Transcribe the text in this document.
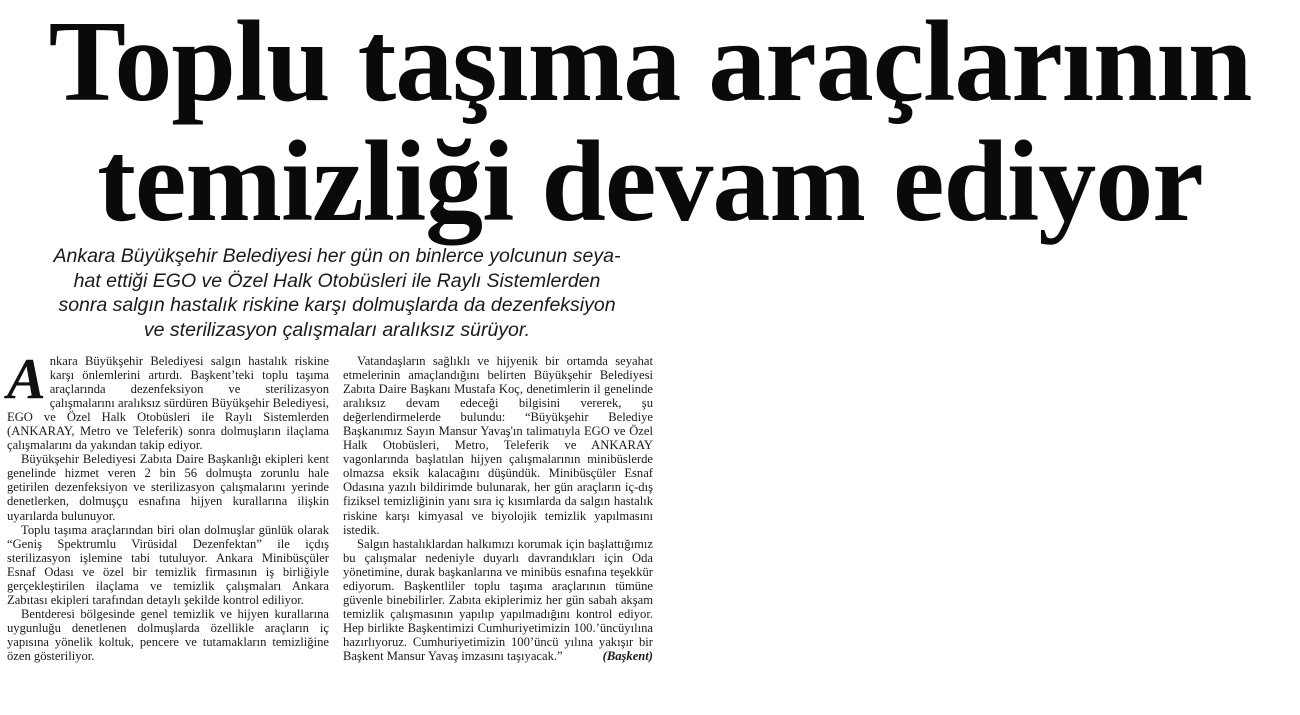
Toplu taşıma araçlarının
temizliği devam ediyor
Ankara Büyükşehir Belediyesi her gün on binlerce yolcunun seya-
hat ettiği EGO ve Özel Halk Otobüsleri ile Raylı Sistemlerden
sonra salgın hastalık riskine karşı dolmuşlarda da dezenfeksiyon
ve sterilizasyon çalışmaları aralıksız sürüyor.

Ankara Büyükşehir Belediyesi salgın hastalık riskine karşı önlemlerini artırdı. Başkent’teki toplu taşıma araçlarında dezenfeksiyon ve sterilizasyon çalışmalarını aralıksız sürdüren Büyükşehir Belediyesi, EGO ve Özel Halk Otobüsleri ile Raylı Sistemlerden (ANKARAY, Metro ve Teleferik) sonra dolmuşların ilaçlama çalışmalarını da yakından takip ediyor.

Büyükşehir Belediyesi Zabıta Daire Başkanlığı ekipleri kent genelinde hizmet veren 2 bin 56 dolmuşta zorunlu hale getirilen dezenfeksiyon ve sterilizasyon çalışmalarını yerinde denetlerken, dolmuşçu esnafına hijyen kurallarına ilişkin uyarılarda bulunuyor.

Toplu taşıma araçlarından biri olan dolmuşlar günlük olarak “Geniş Spektrumlu Virüsidal Dezenfektan” ile içdış sterilizasyon işlemine tabi tutuluyor. Ankara Minibüsçüler Esnaf Odası ve özel bir temizlik firmasının iş birliğiyle gerçekleştirilen ilaçlama ve temizlik çalışmaları Ankara Zabıtası ekipleri tarafından detaylı şekilde kontrol ediliyor.

Bentderesi bölgesinde genel temizlik ve hijyen kurallarına uygunluğu denetlenen dolmuşlarda özellikle araçların iç yapısına yönelik koltuk, pencere ve tutamakların temizliğine özen gösteriliyor.

Vatandaşların sağlıklı ve hijyenik bir ortamda seyahat etmelerinin amaçlandığını belirten Büyükşehir Belediyesi Zabıta Daire Başkanı Mustafa Koç, denetimlerin il genelinde aralıksız devam edeceği bilgisini vererek, şu değerlendirmelerde bulundu: “Büyükşehir Belediye Başkanımız Sayın Mansur Yavaş'ın talimatıyla EGO ve Özel Halk Otobüsleri, Metro, Teleferik ve ANKARAY vagonlarında başlatılan hijyen çalışmalarının minibüslerde olmazsa eksik kalacağını düşündük. Minibüsçüler Esnaf Odasına yazılı bildirimde bulunarak, her gün araçların iç-dış fiziksel temizliğinin yanı sıra iç kısımlarda da salgın hastalık riskine karşı kimyasal ve biyolojik temizlik yapılmasını istedik.

Salgın hastalıklardan halkımızı korumak için başlattığımız bu çalışmalar nedeniyle duyarlı davrandıkları için Oda yönetimine, durak başkanlarına ve minibüs esnafına teşekkür ediyorum. Başkentliler toplu taşıma araçlarının tümüne güvenle binebilirler. Zabıta ekiplerimiz her gün sabah akşam temizlik çalışmasının yapılıp yapılmadığını kontrol ediyor. Hep birlikte Başkentimizi Cumhuriyetimizin 100.’üncüyılına hazırlıyoruz. Cumhuriyetimizin 100’üncü yılına yakışır bir Başkent Mansur Yavaş imzasını taşıyacak.”	(Başkent)
